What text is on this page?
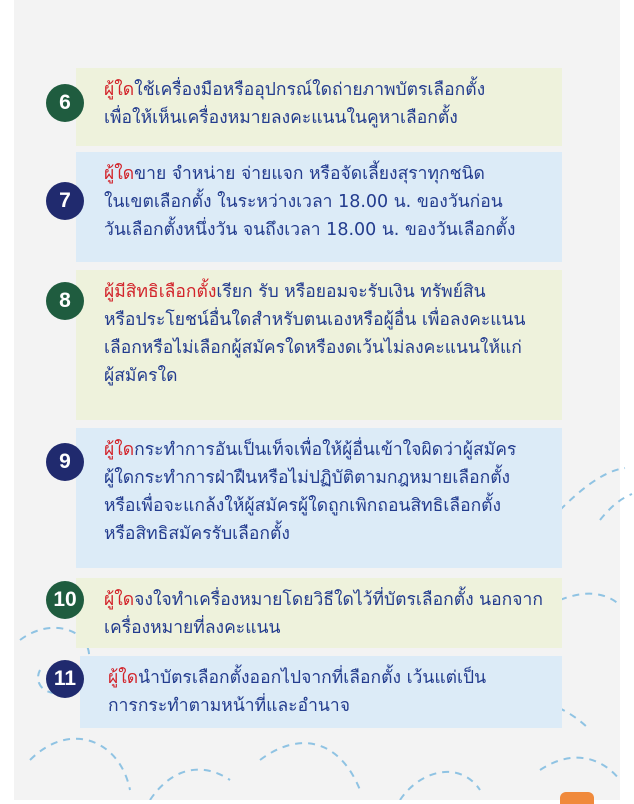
ผู้ใดใช้เครื่องมือหรืออุปกรณ์ใดถ่ายภาพบัตรเลือกตั้ง
เพื่อให้เห็นเครื่องหมายลงคะแนนในคูหาเลือกตั้ง
6
ผู้ใดขาย จำหน่าย จ่ายแจก หรือจัดเลี้ยงสุราทุกชนิด
ในเขตเลือกตั้ง ในระหว่างเวลา 18.00 น. ของวันก่อน
วันเลือกตั้งหนึ่งวัน จนถึงเวลา 18.00 น. ของวันเลือกตั้ง
7
ผู้มีสิทธิเลือกตั้งเรียก รับ หรือยอมจะรับเงิน ทรัพย์สิน
หรือประโยชน์อื่นใดสำหรับตนเองหรือผู้อื่น เพื่อลงคะแนน
เลือกหรือไม่เลือกผู้สมัครใดหรืองดเว้นไม่ลงคะแนนให้แก่
ผู้สมัครใด
8
ผู้ใดกระทำการอันเป็นเท็จเพื่อให้ผู้อื่นเข้าใจผิดว่าผู้สมัคร
ผู้ใดกระทำการฝ่าฝืนหรือไม่ปฏิบัติตามกฎหมายเลือกตั้ง
หรือเพื่อจะแกล้งให้ผู้สมัครผู้ใดถูกเพิกถอนสิทธิเลือกตั้ง
หรือสิทธิสมัครรับเลือกตั้ง
9
ผู้ใดจงใจทำเครื่องหมายโดยวิธีใดไว้ที่บัตรเลือกตั้ง นอกจาก
เครื่องหมายที่ลงคะแนน
10
ผู้ใดนำบัตรเลือกตั้งออกไปจากที่เลือกตั้ง เว้นแต่เป็น
การกระทำตามหน้าที่และอำนาจ
11
